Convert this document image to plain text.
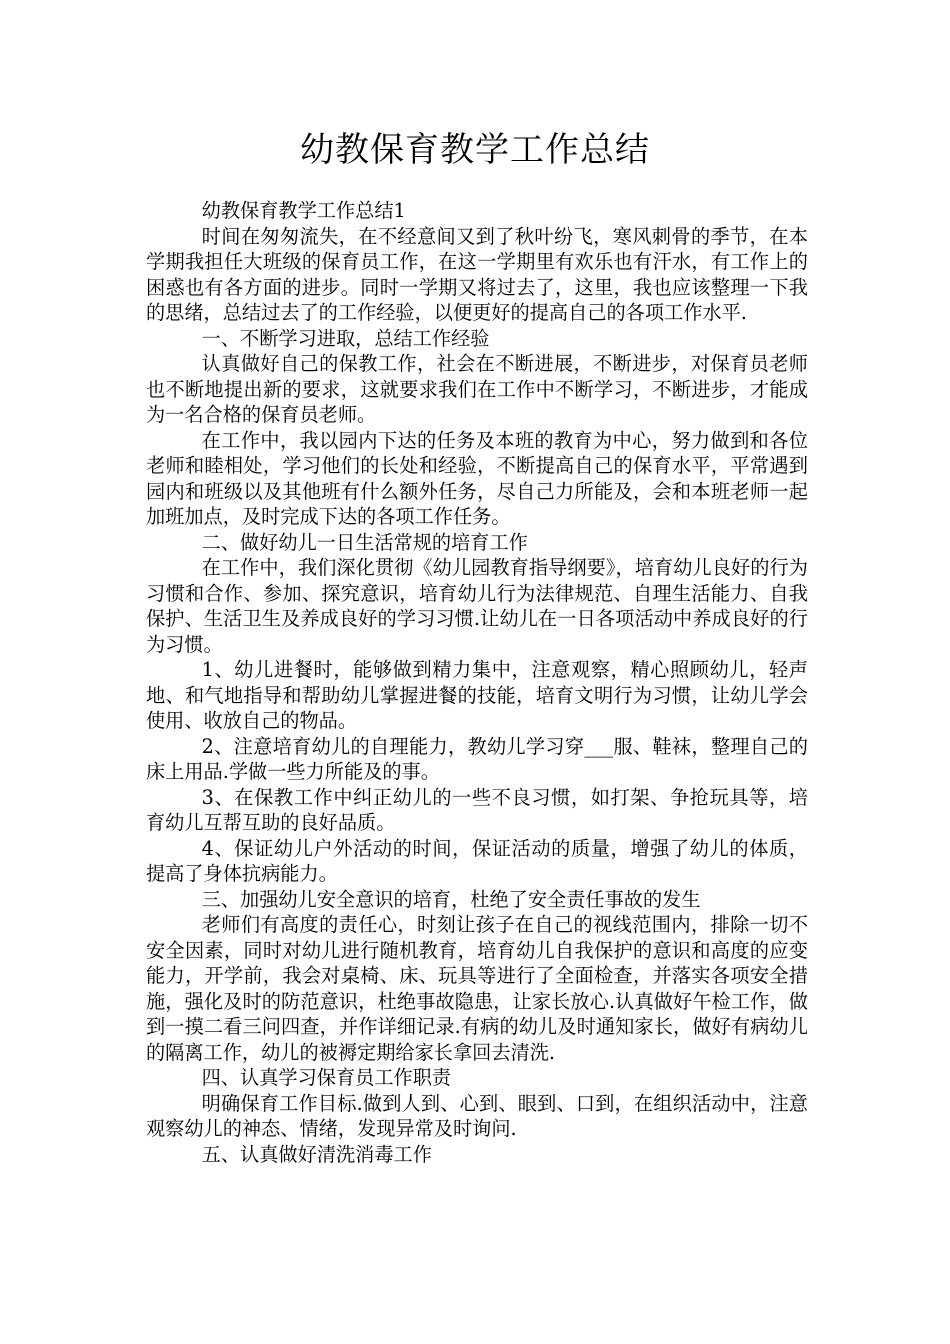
幼教保育教学工作总结

幼教保育教学工作总结1

时间在匆匆流失，在不经意间又到了秋叶纷飞，寒风刺骨的季节，在本学期我担任大班级的保育员工作，在这一学期里有欢乐也有汗水，有工作上的困惑也有各方面的进步。同时一学期又将过去了，这里，我也应该整理一下我的思绪，总结过去了的工作经验，以便更好的提高自己的各项工作水平.

一、不断学习进取，总结工作经验

认真做好自己的保教工作，社会在不断进展，不断进步，对保育员老师也不断地提出新的要求，这就要求我们在工作中不断学习，不断进步，才能成为一名合格的保育员老师。

在工作中，我以园内下达的任务及本班的教育为中心，努力做到和各位老师和睦相处，学习他们的长处和经验，不断提高自己的保育水平，平常遇到园内和班级以及其他班有什么额外任务，尽自己力所能及，会和本班老师一起加班加点，及时完成下达的各项工作任务。

二、做好幼儿一日生活常规的培育工作

在工作中，我们深化贯彻《幼儿园教育指导纲要》，培育幼儿良好的行为习惯和合作、参加、探究意识，培育幼儿行为法律规范、自理生活能力、自我保护、生活卫生及养成良好的学习习惯.让幼儿在一日各项活动中养成良好的行为习惯。

1、幼儿进餐时，能够做到精力集中，注意观察，精心照顾幼儿，轻声地、和气地指导和帮助幼儿掌握进餐的技能，培育文明行为习惯，让幼儿学会使用、收放自己的物品。

2、注意培育幼儿的自理能力，教幼儿学习穿___服、鞋袜，整理自己的床上用品.学做一些力所能及的事。

3、在保教工作中纠正幼儿的一些不良习惯，如打架、争抢玩具等，培育幼儿互帮互助的良好品质。

4、保证幼儿户外活动的时间，保证活动的质量，增强了幼儿的体质，提高了身体抗病能力。

三、加强幼儿安全意识的培育，杜绝了安全责任事故的发生

老师们有高度的责任心，时刻让孩子在自己的视线范围内，排除一切不安全因素，同时对幼儿进行随机教育，培育幼儿自我保护的意识和高度的应变能力，开学前，我会对桌椅、床、玩具等进行了全面检查，并落实各项安全措施，强化及时的防范意识，杜绝事故隐患，让家长放心.认真做好午检工作，做到一摸二看三问四查，并作详细记录.有病的幼儿及时通知家长，做好有病幼儿的隔离工作，幼儿的被褥定期给家长拿回去清洗.

四、认真学习保育员工作职责

明确保育工作目标.做到人到、心到、眼到、口到，在组织活动中，注意观察幼儿的神态、情绪，发现异常及时询问.

五、认真做好清洗消毒工作
